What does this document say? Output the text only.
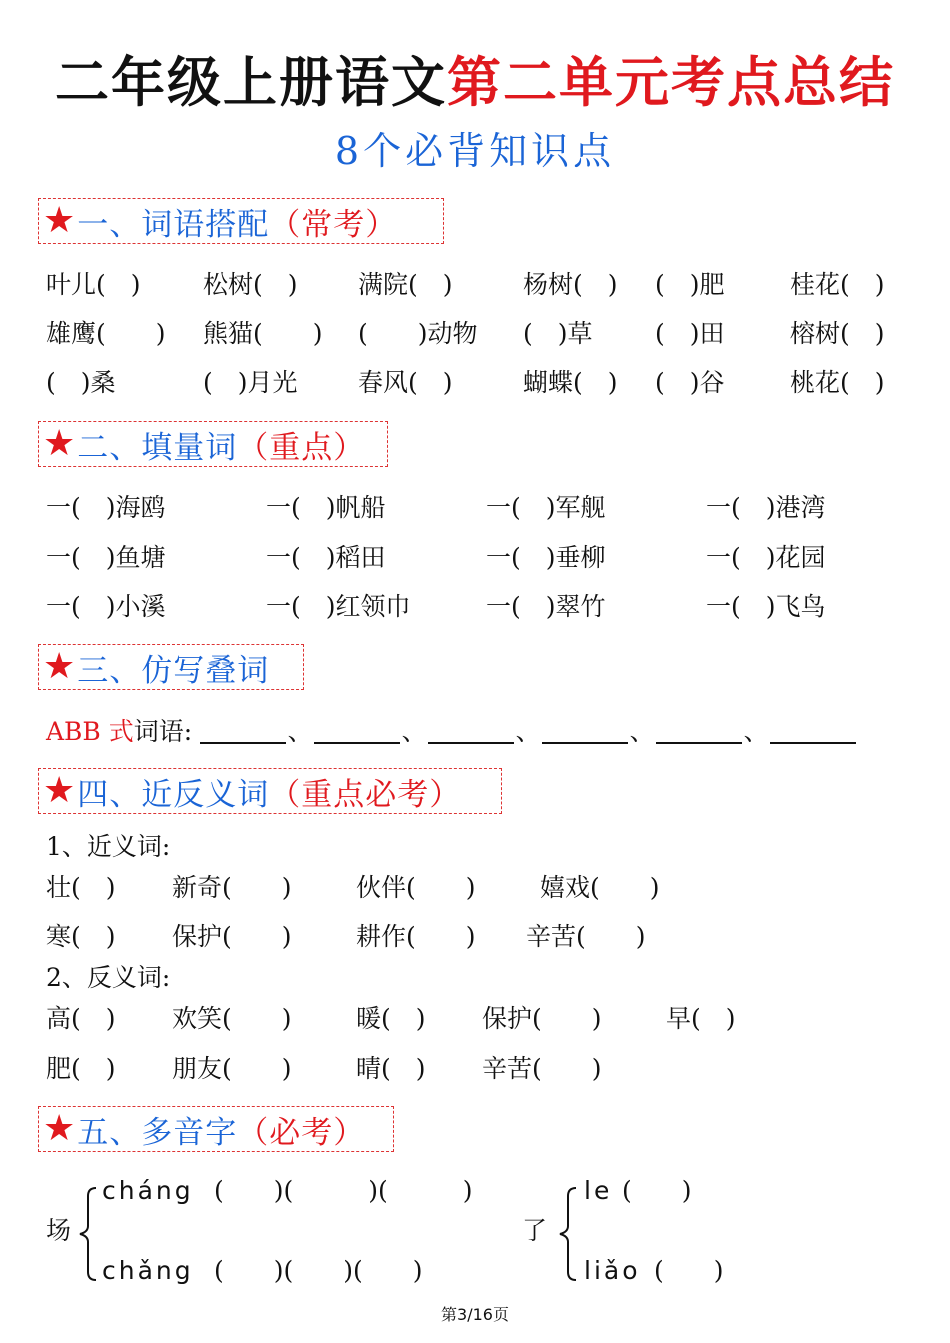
二年级上册语文第二单元考点总结
8个必背知识点
★ 一、词语搭配 （常考）
叶儿(　) 松树(　) 满院(　)	杨树(　) (　)肥	桂花(　)
雄鹰(　　) 熊猫(　　) (　　)动物 (　)草 (　)田	榕树(　)
(　)桑	(　)月光 春风(　)	蝴蝶(　) (　)谷	桃花(　)
★ 二、填量词 （重点）
一(　)海鸥	一(　)帆船	一(　)军舰	一(　)港湾
一(　)鱼塘	一(　)稻田	一(　)垂柳	一(　)花园
一(　)小溪	一(　)红领巾	一(　)翠竹	一(　)飞鸟
★ 三、仿写叠词
ABB 式词语:	、	、	、	、	、
★ 四、近反义词 （重点必考）
1、近义词:
壮(　) 新奇(　　)	伙伴(　　)	嬉戏(　　)
寒(　) 保护(　　)	耕作(　　) 辛苦(　　)
2、反义词:
高(　) 欢笑(　　)	暖(　) 保护(　　)	早(　)
肥(　) 朋友(　　)	晴(　) 辛苦(　　)
★ 五、多音字 （必考）
场
cháng (　　)(　　　)(　　　)
chǎng (　　)(　　)(　　)
了
le (　　)
liǎo (　　)
第3/16页
